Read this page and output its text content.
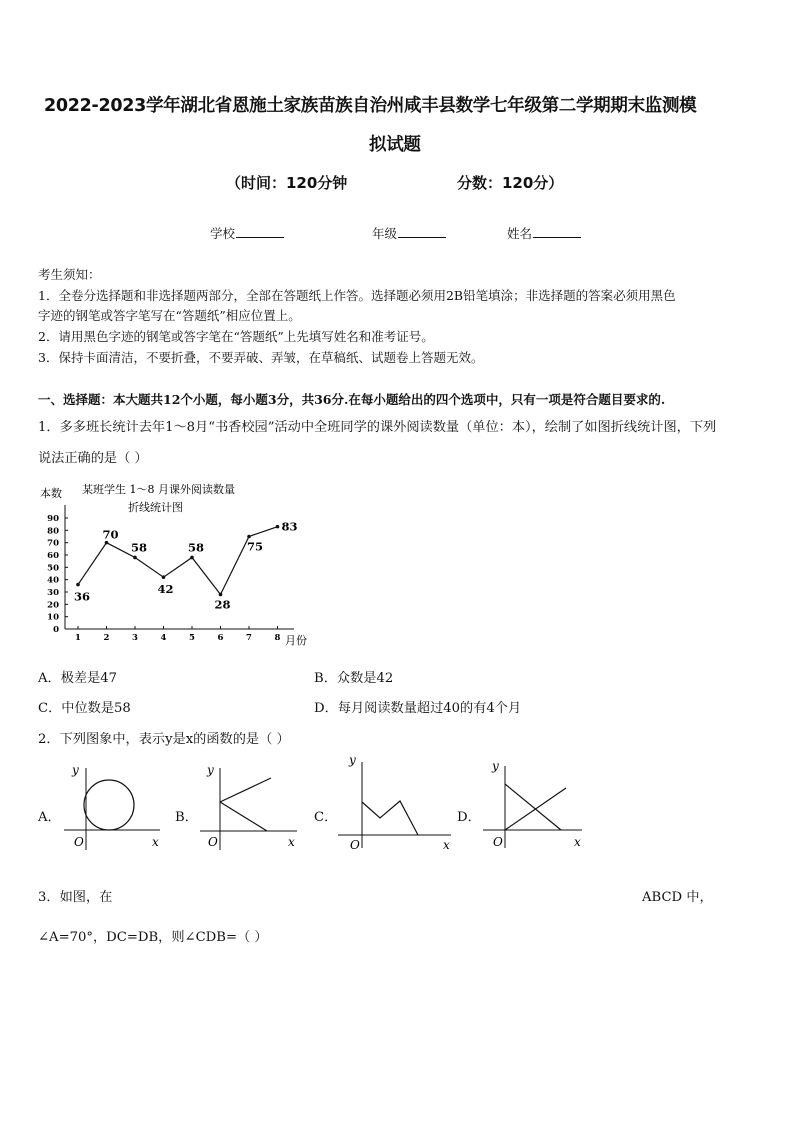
2022-2023学年湖北省恩施土家族苗族自治州咸丰县数学七年级第二学期期末监测模
拟试题
（时间：120分钟	分数：120分）
学校	年级	姓名
考生须知：
1．全卷分选择题和非选择题两部分，全部在答题纸上作答。选择题必须用2B铅笔填涂；非选择题的答案必须用黑色
字迹的钢笔或答字笔写在“答题纸”相应位置上。
2．请用黑色字迹的钢笔或答字笔在“答题纸”上先填写姓名和准考证号。
3．保持卡面清洁，不要折叠，不要弄破、弄皱，在草稿纸、试题卷上答题无效。
一、选择题：本大题共12个小题，每小题3分，共36分.在每小题给出的四个选项中，只有一项是符合题目要求的.
1．多多班长统计去年1～8月“书香校园”活动中全班同学的课外阅读数量（单位：本），绘制了如图折线统计图，下列
说法正确的是（ ）
本数 某班学生 1～8 月课外阅读数量
折线统计图
月份
0
10
20
30
40
50
60
70
80
90
1	2	3	4	5	6	7	8
36
70
58
42
58
28
75
83
A．极差是47	B．众数是42
C．中位数是58	D．每月阅读数量超过40的有4个月
2．下列图象中，表示y是x的函数的是（ ）
A．
y
x
O
B．
y
x
O
C．
y
x
O
D．
y
x
O
3．如图，在	ABCD 中，
∠A=70°，DC=DB，则∠CDB=（ ）
